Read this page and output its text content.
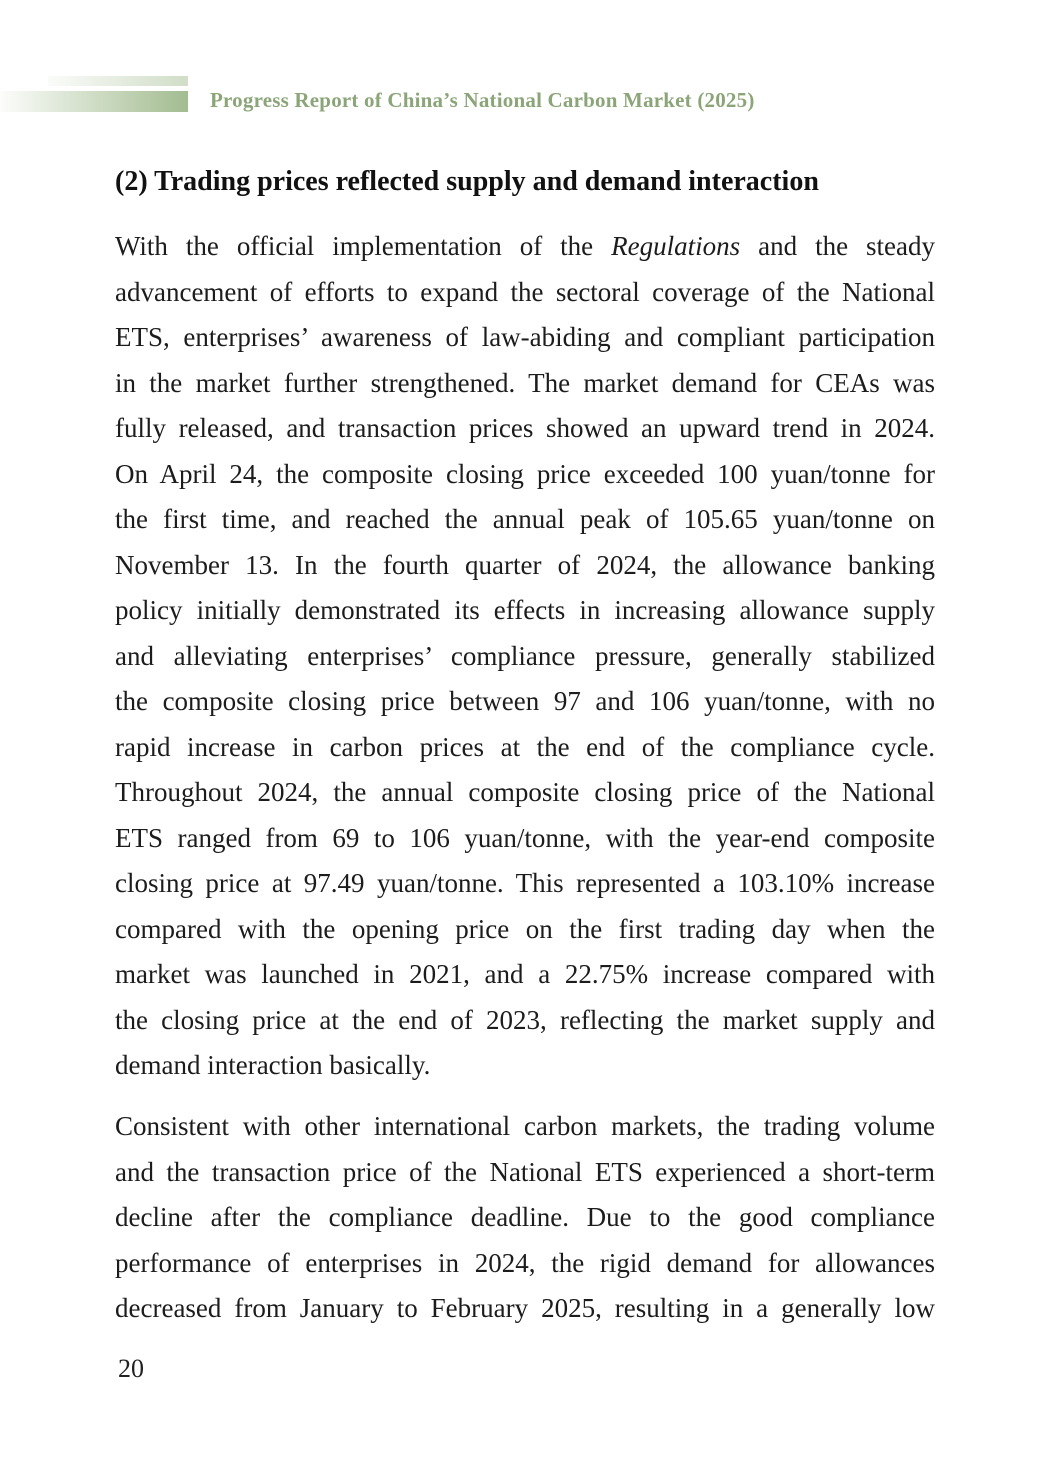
Progress Report of China’s National Carbon Market (2025)
(2) Trading prices reflected supply and demand interaction
With the official implementation of the Regulations and the steady
advancement of efforts to expand the sectoral coverage of the National
ETS, enterprises’ awareness of law-abiding and compliant participation
in the market further strengthened. The market demand for CEAs was
fully released, and transaction prices showed an upward trend in 2024.
On April 24, the composite closing price exceeded 100 yuan/tonne for
the first time, and reached the annual peak of 105.65 yuan/tonne on
November 13. In the fourth quarter of 2024, the allowance banking
policy initially demonstrated its effects in increasing allowance supply
and alleviating enterprises’ compliance pressure, generally stabilized
the composite closing price between 97 and 106 yuan/tonne, with no
rapid increase in carbon prices at the end of the compliance cycle.
Throughout 2024, the annual composite closing price of the National
ETS ranged from 69 to 106 yuan/tonne, with the year-end composite
closing price at 97.49 yuan/tonne. This represented a 103.10% increase
compared with the opening price on the first trading day when the
market was launched in 2021, and a 22.75% increase compared with
the closing price at the end of 2023, reflecting the market supply and
demand interaction basically.
Consistent with other international carbon markets, the trading volume
and the transaction price of the National ETS experienced a short-term
decline after the compliance deadline. Due to the good compliance
performance of enterprises in 2024, the rigid demand for allowances
decreased from January to February 2025, resulting in a generally low
20
